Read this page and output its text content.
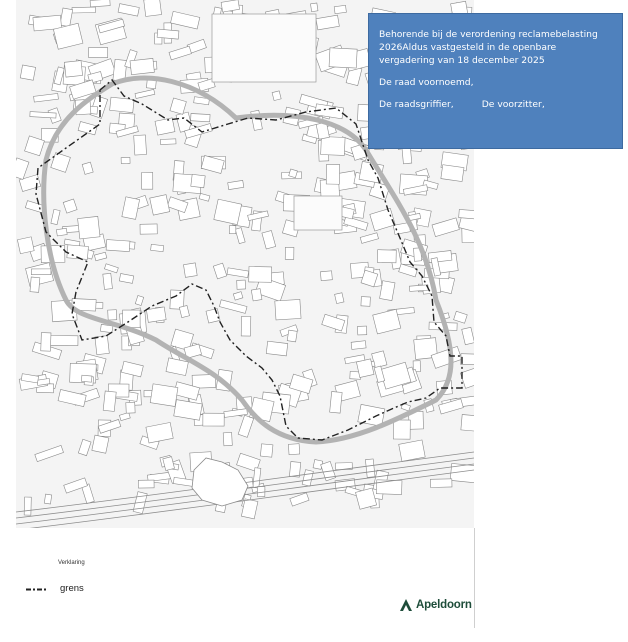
Behorende bij de verordening reclamebelasting

2026Aldus vastgesteld in de openbare

vergadering van 18 december 2025

De raad voornoemd,

De raadsgriffier,	De voorzitter,
Verklaring
grens
Apeldoorn
